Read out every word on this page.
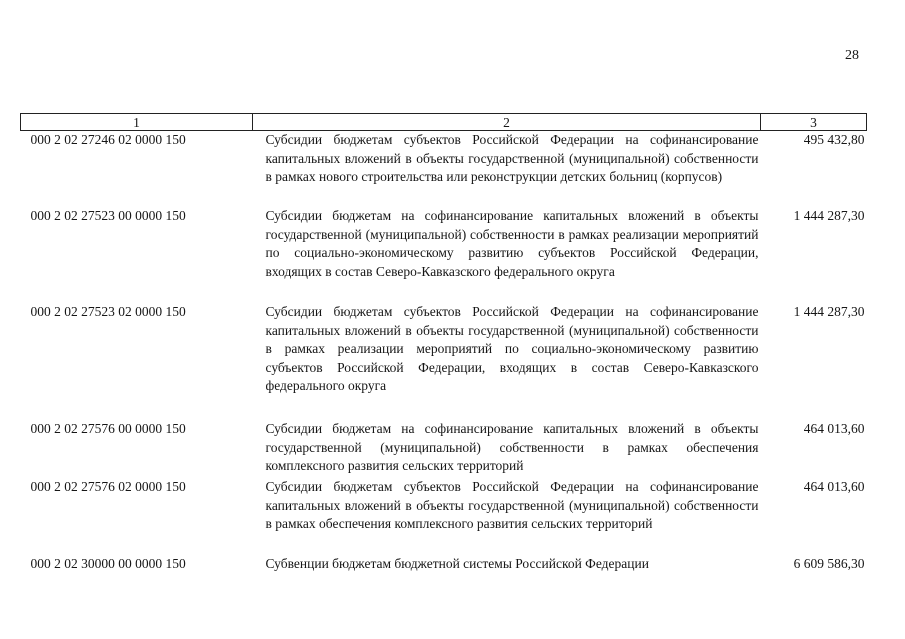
28
1	2	3
000 2 02 27246 02 0000 150	Субсидии бюджетам субъектов Российской Федерации на софинансирование капитальных вложений в объекты государственной (муниципальной) собственности в рамках нового строительства или реконструкции детских больниц (корпусов)	495 432,80
000 2 02 27523 00 0000 150	Субсидии бюджетам на софинансирование капитальных вложений в объекты государственной (муниципальной) собственности в рамках реализации мероприятий по социально-экономическому развитию субъектов Российской Федерации, входящих в состав Северо-Кавказского федерального округа	1 444 287,30
000 2 02 27523 02 0000 150	Субсидии бюджетам субъектов Российской Федерации на софинансирование капитальных вложений в объекты государственной (муниципальной) собственности в рамках реализации мероприятий по социально-экономическому развитию субъектов Российской Федерации, входящих в состав Северо-Кавказского федерального округа	1 444 287,30
000 2 02 27576 00 0000 150	Субсидии бюджетам на софинансирование капитальных вложений в объекты государственной (муниципальной) собственности в рамках обеспечения комплексного развития сельских территорий	464 013,60
000 2 02 27576 02 0000 150	Субсидии бюджетам субъектов Российской Федерации на софинансирование капитальных вложений в объекты государственной (муниципальной) собственности в рамках обеспечения комплексного развития сельских территорий	464 013,60
000 2 02 30000 00 0000 150	Субвенции бюджетам бюджетной системы Российской Федерации	6 609 586,30
